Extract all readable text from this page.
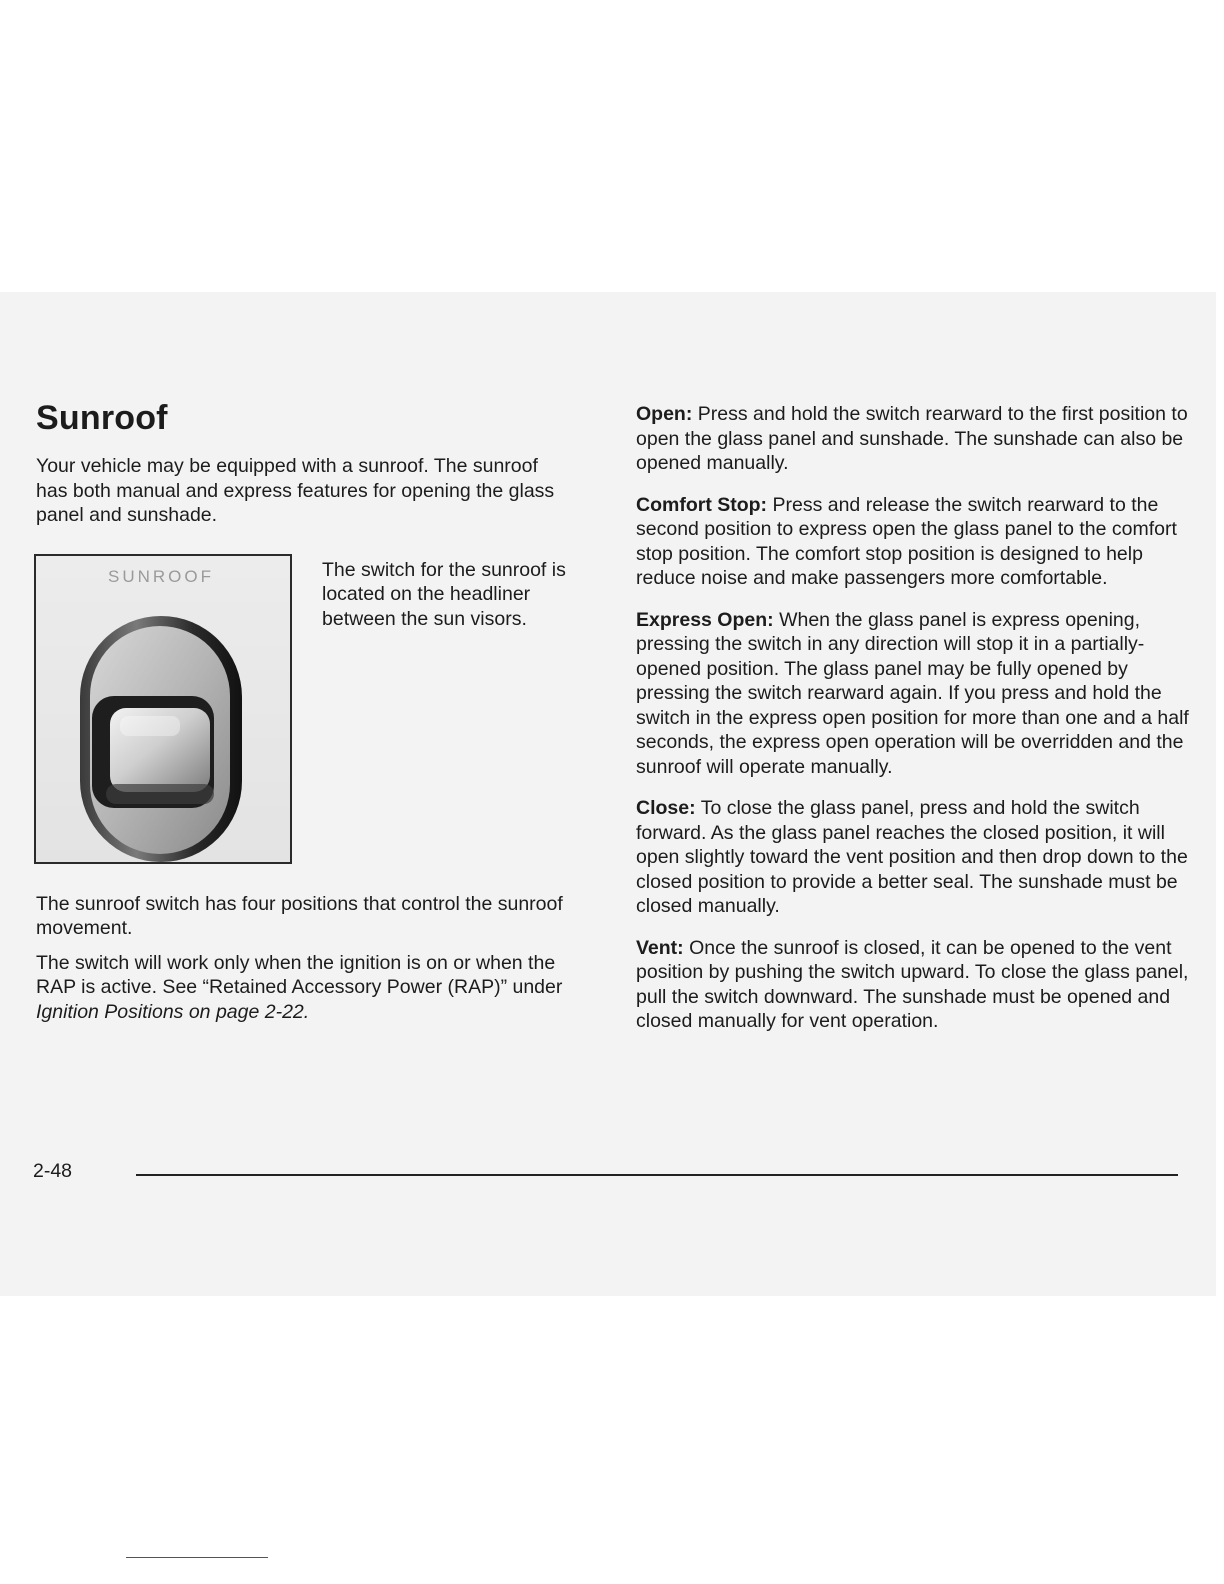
Sunroof

Your vehicle may be equipped with a sunroof. The sunroof has both manual and express features for opening the glass panel and sunshade.

SUNROOF	The switch for the sunroof is located on the headliner between the sun visors.

The sunroof switch has four positions that control the sunroof movement.

The switch will work only when the ignition is on or when the RAP is active. See “Retained Accessory Power (RAP)” under Ignition Positions on page 2-22.

Open: Press and hold the switch rearward to the first position to open the glass panel and sunshade. The sunshade can also be opened manually.

Comfort Stop: Press and release the switch rearward to the second position to express open the glass panel to the comfort stop position. The comfort stop position is designed to help reduce noise and make passengers more comfortable.

Express Open: When the glass panel is express opening, pressing the switch in any direction will stop it in a partially-opened position. The glass panel may be fully opened by pressing the switch rearward again. If you press and hold the switch in the express open position for more than one and a half seconds, the express open operation will be overridden and the sunroof will operate manually.

Close: To close the glass panel, press and hold the switch forward. As the glass panel reaches the closed position, it will open slightly toward the vent position and then drop down to the closed position to provide a better seal. The sunshade must be closed manually.

Vent: Once the sunroof is closed, it can be opened to the vent position by pushing the switch upward. To close the glass panel, pull the switch downward. The sunshade must be opened and closed manually for vent operation.

2-48
